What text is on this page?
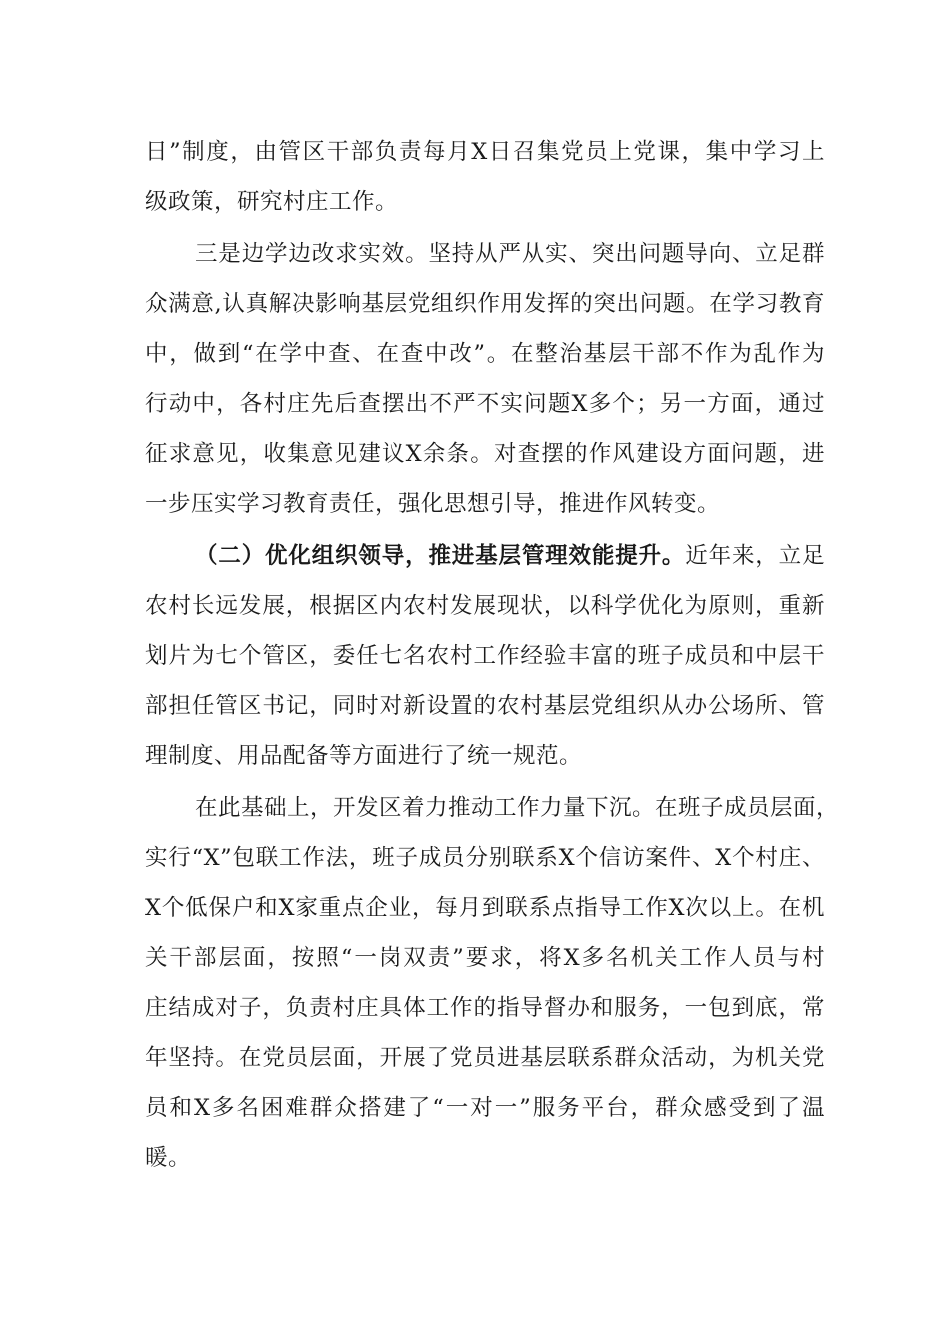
日”制度，由管区干部负责每月X日召集党员上党课，集中学习上
级政策，研究村庄工作。
三是边学边改求实效。坚持从严从实、突出问题导向、立足群
众满意,认真解决影响基层党组织作用发挥的突出问题。在学习教育
中，做到“在学中查、在查中改”。在整治基层干部不作为乱作为
行动中，各村庄先后查摆出不严不实问题X多个；另一方面，通过
征求意见，收集意见建议X余条。对查摆的作风建设方面问题，进
一步压实学习教育责任，强化思想引导，推进作风转变。
（二）优化组织领导，推进基层管理效能提升。近年来，立足
农村长远发展，根据区内农村发展现状，以科学优化为原则，重新
划片为七个管区，委任七名农村工作经验丰富的班子成员和中层干
部担任管区书记，同时对新设置的农村基层党组织从办公场所、管
理制度、用品配备等方面进行了统一规范。
在此基础上，开发区着力推动工作力量下沉。在班子成员层面，
实行“X”包联工作法，班子成员分别联系X个信访案件、X个村庄、
X个低保户和X家重点企业，每月到联系点指导工作X次以上。在机
关干部层面，按照“一岗双责”要求，将X多名机关工作人员与村
庄结成对子，负责村庄具体工作的指导督办和服务，一包到底，常
年坚持。在党员层面，开展了党员进基层联系群众活动，为机关党
员和X多名困难群众搭建了“一对一”服务平台，群众感受到了温
暖。
